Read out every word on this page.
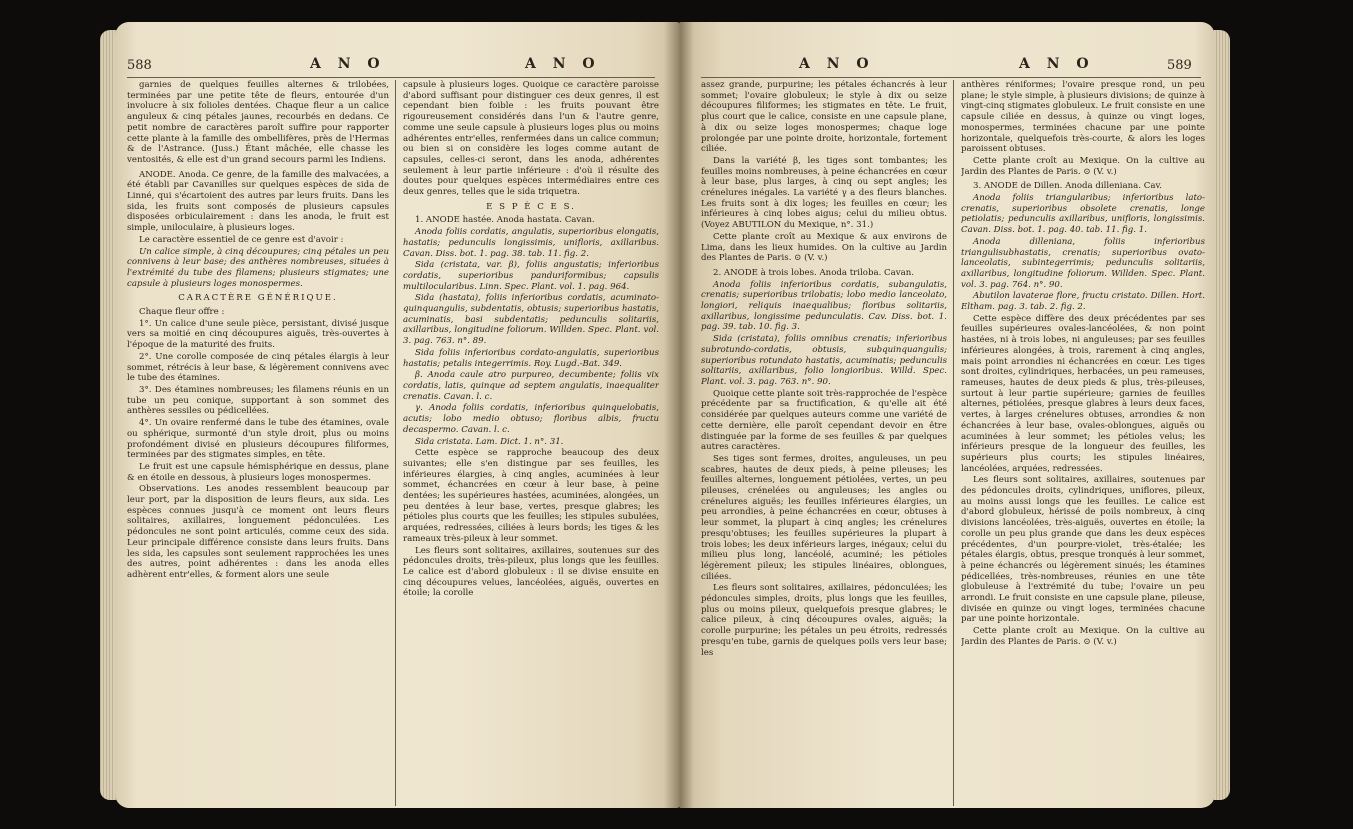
588	A N O	A N O

garnies de quelques feuilles alternes & trilobées, terminées par une petite tête de fleurs, entourée d'un involucre à six folioles dentées. Chaque fleur a un calice anguleux & cinq pétales jaunes, recourbés en dedans. Ce petit nombre de caractères paroît suffire pour rapporter cette plante à la famille des ombellifères, près de l'Hermas & de l'Astrance. (Juss.) Étant mâchée, elle chasse les ventosités, & elle est d'un grand secours parmi les Indiens.

ANODE. Anoda. Ce genre, de la famille des malvacées, a été établi par Cavanilles sur quelques espèces de sida de Linné, qui s'écartoient des autres par leurs fruits. Dans les sida, les fruits sont composés de plusieurs capsules disposées orbiculairement : dans les anoda, le fruit est simple, uniloculaire, à plusieurs loges.

Le caractère essentiel de ce genre est d'avoir :

Un calice simple, à cinq découpures; cinq pétales un peu connivens à leur base; des anthères nombreuses, situées à l'extrémité du tube des filamens; plusieurs stigmates; une capsule à plusieurs loges monospermes.

CARACTÈRE GÉNÉRIQUE.

Chaque fleur offre :

1°. Un calice d'une seule pièce, persistant, divisé jusque vers sa moitié en cinq découpures aiguës, très-ouvertes à l'époque de la maturité des fruits.

2°. Une corolle composée de cinq pétales élargis à leur sommet, rétrécis à leur base, & légèrement connivens avec le tube des étamines.

3°. Des étamines nombreuses; les filamens réunis en un tube un peu conique, supportant à son sommet des anthères sessiles ou pédicellées.

4°. Un ovaire renfermé dans le tube des étamines, ovale ou sphérique, surmonté d'un style droit, plus ou moins profondément divisé en plusieurs découpures filiformes, terminées par des stigmates simples, en tête.

Le fruit est une capsule hémisphérique en dessus, plane & en étoile en dessous, à plusieurs loges monospermes.

Observations. Les anodes ressemblent beaucoup par leur port, par la disposition de leurs fleurs, aux sida. Les espèces connues jusqu'à ce moment ont leurs fleurs solitaires, axillaires, longuement pédonculées. Les pédoncules ne sont point articulés, comme ceux des sida. Leur principale différence consiste dans leurs fruits. Dans les sida, les capsules sont seulement rapprochées les unes des autres, point adhérentes : dans les anoda elles adhèrent entr'elles, & forment alors une seule

capsule à plusieurs loges. Quoique ce caractère paroisse d'abord suffisant pour distinguer ces deux genres, il est cependant bien foible : les fruits pouvant être rigoureusement considérés dans l'un & l'autre genre, comme une seule capsule à plusieurs loges plus ou moins adhérentes entr'elles, renfermées dans un calice commun; ou bien si on considère les loges comme autant de capsules, celles-ci seront, dans les anoda, adhérentes seulement à leur partie inférieure : d'où il résulte des doutes pour quelques espèces intermédiaires entre ces deux genres, telles que le sida triquetra.

E S P È C E S.

1. ANODE hastée. Anoda hastata. Cavan.

Anoda foliis cordatis, angulatis, superioribus elongatis, hastatis; pedunculis longissimis, unifloris, axillaribus. Cavan. Diss. bot. 1. pag. 38. tab. 11. fig. 2.

Sida (cristata, var. β), foliis angustatis; inferioribus cordatis, superioribus panduriformibus; capsulis multilocularibus. Linn. Spec. Plant. vol. 1. pag. 964.

Sida (hastata), foliis inferioribus cordatis, acuminato-quinquangulis, subdentatis, obtusis; superioribus hastatis, acuminatis, basi subdentatis; pedunculis solitariis, axillaribus, longitudine foliorum. Willden. Spec. Plant. vol. 3. pag. 763. n°. 89.

Sida foliis inferioribus cordato-angulatis, superioribus hastatis; petalis integerrimis. Roy. Lugd.-Bat. 349.

β. Anoda caule atro purpureo, decumbente; foliis vix cordatis, latis, quinque ad septem angulatis, inaequaliter crenatis. Cavan. l. c.

γ. Anoda foliis cordatis, inferioribus quinquelobatis, acutis; lobo medio obtuso; floribus albis, fructu decaspermo. Cavan. l. c.

Sida cristata. Lam. Dict. 1. n°. 31.

Cette espèce se rapproche beaucoup des deux suivantes; elle s'en distingue par ses feuilles, les inférieures élargies, à cinq angles, acuminées à leur sommet, échancrées en cœur à leur base, à peine dentées; les supérieures hastées, acuminées, alongées, un peu dentées à leur base, vertes, presque glabres; les pétioles plus courts que les feuilles; les stipules subulées, arquées, redressées, ciliées à leurs bords; les tiges & les rameaux très-pileux à leur sommet.

Les fleurs sont solitaires, axillaires, soutenues sur des pédoncules droits, très-pileux, plus longs que les feuilles. Le calice est d'abord globuleux : il se divise ensuite en cinq découpures velues, lancéolées, aiguës, ouvertes en étoile; la corolle

A N O	A N O	589

assez grande, purpurine; les pétales échancrés à leur sommet; l'ovaire globuleux; le style à dix ou seize découpures filiformes; les stigmates en tête. Le fruit, plus court que le calice, consiste en une capsule plane, à dix ou seize loges monospermes; chaque loge prolongée par une pointe droite, horizontale, fortement ciliée.

Dans la variété β, les tiges sont tombantes; les feuilles moins nombreuses, à peine échancrées en cœur à leur base, plus larges, à cinq ou sept angles; les crénelures inégales. La variété γ a des fleurs blanches. Les fruits sont à dix loges; les feuilles en cœur; les inférieures à cinq lobes aigus; celui du milieu obtus. (Voyez ABUTILON du Mexique, n°. 31.)

Cette plante croît au Mexique & aux environs de Lima, dans les lieux humides. On la cultive au Jardin des Plantes de Paris. ⊙ (V. v.)

2. ANODE à trois lobes. Anoda triloba. Cavan.

Anoda foliis inferioribus cordatis, subangulatis, crenatis; superioribus trilobatis; lobo medio lanceolato, longiori, reliquis inaequalibus; floribus solitariis, axillaribus, longissime pedunculatis. Cav. Diss. bot. 1. pag. 39. tab. 10. fig. 3.

Sida (cristata), foliis omnibus crenatis; inferioribus subrotundo-cordatis, obtusis, subquinquangulis; superioribus rotundato hastatis, acuminatis; pedunculis solitariis, axillaribus, folio longioribus. Willd. Spec. Plant. vol. 3. pag. 763. n°. 90.

Quoique cette plante soit très-rapprochée de l'espèce précédente par sa fructification, & qu'elle ait été considérée par quelques auteurs comme une variété de cette dernière, elle paroît cependant devoir en être distinguée par la forme de ses feuilles & par quelques autres caractères.

Ses tiges sont fermes, droites, anguleuses, un peu scabres, hautes de deux pieds, à peine pileuses; les feuilles alternes, longuement pétiolées, vertes, un peu pileuses, crénelées ou anguleuses; les angles ou crénelures aiguës; les feuilles inférieures élargies, un peu arrondies, à peine échancrées en cœur, obtuses à leur sommet, la plupart à cinq angles; les crénelures presqu'obtuses; les feuilles supérieures la plupart à trois lobes; les deux inférieurs larges, inégaux; celui du milieu plus long, lancéolé, acuminé; les pétioles légèrement pileux; les stipules linéaires, oblongues, ciliées.

Les fleurs sont solitaires, axillaires, pédonculées; les pédoncules simples, droits, plus longs que les feuilles, plus ou moins pileux, quelquefois presque glabres; le calice pileux, à cinq découpures ovales, aiguës; la corolle purpurine; les pétales un peu étroits, redressés presqu'en tube, garnis de quelques poils vers leur base; les

anthères réniformes; l'ovaire presque rond, un peu plane; le style simple, à plusieurs divisions; de quinze à vingt-cinq stigmates globuleux. Le fruit consiste en une capsule ciliée en dessus, à quinze ou vingt loges, monospermes, terminées chacune par une pointe horizontale, quelquefois très-courte, & alors les loges paroissent obtuses.

Cette plante croît au Mexique. On la cultive au Jardin des Plantes de Paris. ⊙ (V. v.)

3. ANODE de Dillen. Anoda dilleniana. Cav.

Anoda foliis triangularibus; inferioribus lato-crenatis, superioribus obsolete crenatis, longe petiolatis; pedunculis axillaribus, unifloris, longissimis. Cavan. Diss. bot. 1. pag. 40. tab. 11. fig. 1.

Anoda dilleniana, foliis inferioribus triangulisubhastatis, crenatis; superioribus ovato-lanceolatis, subintegerrimis; pedunculis solitariis, axillaribus, longitudine foliorum. Willden. Spec. Plant. vol. 3. pag. 764. n°. 90.

Abutilon lavaterae flore, fructu cristato. Dillen. Hort. Eltham. pag. 3. tab. 2. fig. 2.

Cette espèce diffère des deux précédentes par ses feuilles supérieures ovales-lancéolées, & non point hastées, ni à trois lobes, ni anguleuses; par ses feuilles inférieures alongées, à trois, rarement à cinq angles, mais point arrondies ni échancrées en cœur. Les tiges sont droites, cylindriques, herbacées, un peu rameuses, rameuses, hautes de deux pieds & plus, très-pileuses, surtout à leur partie supérieure; garnies de feuilles alternes, pétiolées, presque glabres à leurs deux faces, vertes, à larges crénelures obtuses, arrondies & non échancrées à leur base, ovales-oblongues, aiguës ou acuminées à leur sommet; les pétioles velus; les inférieurs presque de la longueur des feuilles, les supérieurs plus courts; les stipules linéaires, lancéolées, arquées, redressées.

Les fleurs sont solitaires, axillaires, soutenues par des pédoncules droits, cylindriques, uniflores, pileux, au moins aussi longs que les feuilles. Le calice est d'abord globuleux, hérissé de poils nombreux, à cinq divisions lancéolées, très-aiguës, ouvertes en étoile; la corolle un peu plus grande que dans les deux espèces précédentes, d'un pourpre-violet, très-étalée; les pétales élargis, obtus, presque tronqués à leur sommet, à peine échancrés ou légèrement sinués; les étamines pédicellées, très-nombreuses, réunies en une tête globuleuse à l'extrémité du tube; l'ovaire un peu arrondi. Le fruit consiste en une capsule plane, pileuse, divisée en quinze ou vingt loges, terminées chacune par une pointe horizontale.

Cette plante croît au Mexique. On la cultive au Jardin des Plantes de Paris. ⊙ (V. v.)
